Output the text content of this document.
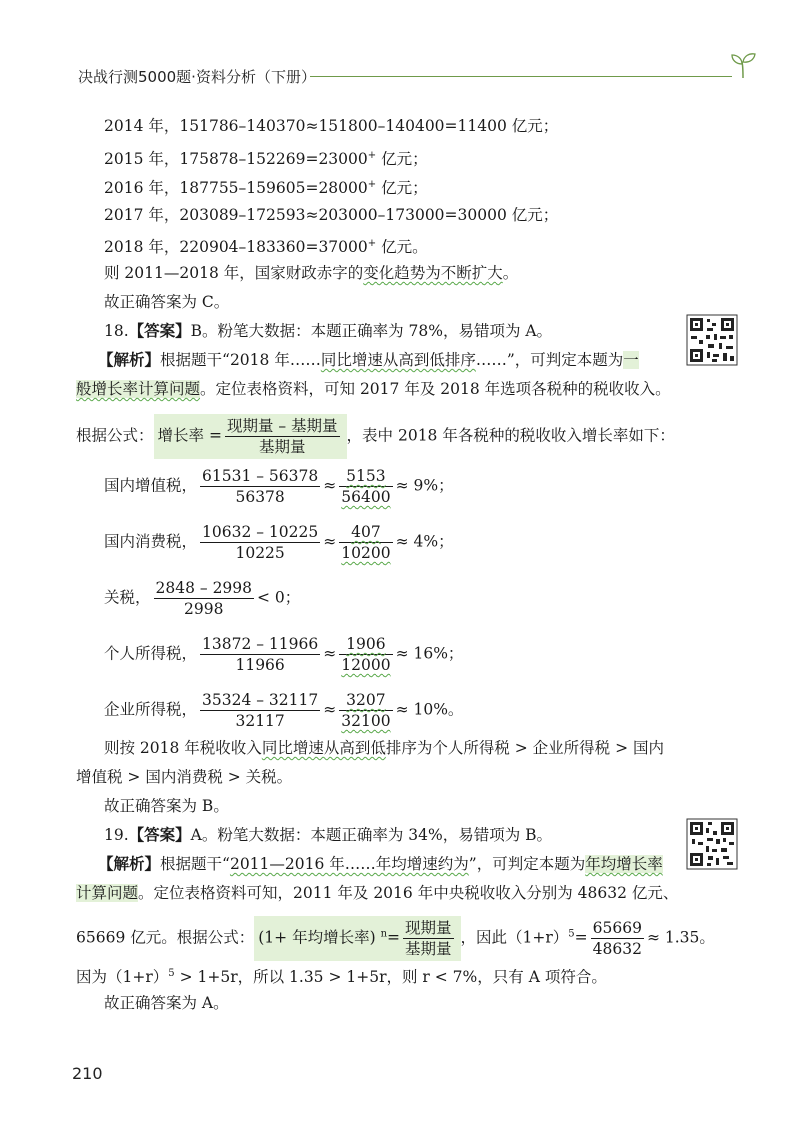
决战行测5000题·资料分析（下册）
2014 年，151786–140370≈151800–140400=11400 亿元；
2015 年，175878–152269=23000+ 亿元；
2016 年，187755–159605=28000+ 亿元；
2017 年，203089–172593≈203000–173000=30000 亿元；
2018 年，220904–183360=37000+ 亿元。
则 2011—2018 年，国家财政赤字的变化趋势为不断扩大。
故正确答案为 C。
18.【答案】B。粉笔大数据：本题正确率为 78%，易错项为 A。
【解析】根据题干“2018 年……同比增速从高到低排序……”，可判定本题为一
般增长率计算问题。定位表格资料，可知 2017 年及 2018 年选项各税种的税收收入。
根据公式： 增长率 = $\frac{\text{现期量 – 基期量}}{\text{基期量}}$ ，表中 2018 年各税种的税收收入增长率如下：
国内增值税， $\frac{61531 - 56378}{56378} \approx \frac{5153}{56400} \approx 9\%$；
国内消费税， $\frac{10632 - 10225}{10225} \approx \frac{407}{10200} \approx 4\%$；
关税， $\frac{2848 - 2998}{2998} < 0$；
个人所得税， $\frac{13872 - 11966}{11966} \approx \frac{1906}{12000} \approx 16\%$；
企业所得税， $\frac{35324 - 32117}{32117} \approx \frac{3207}{32100} \approx 10\%$。
则按 2018 年税收收入同比增速从高到低排序为个人所得税 > 企业所得税 > 国内
增值税 > 国内消费税 > 关税。
故正确答案为 B。
19.【答案】A。粉笔大数据：本题正确率为 34%，易错项为 B。
【解析】根据题干“2011—2016 年……年均增速约为”，可判定本题为年均增长率
计算问题。定位表格资料可知，2011 年及 2016 年中央税收收入分别为 48632 亿元、
65669 亿元。根据公式： (1+ 年均增长率) $^n= \frac{\text{现期量}}{\text{基期量}}$ ，因此$(1+r)^5= \frac{65669}{48632} \approx 1.35$。
因为$(1+r)^5 > 1+5r$，所以 1.35 > 1+5r，则 r < 7%，只有 A 项符合。
故正确答案为 A。
210
